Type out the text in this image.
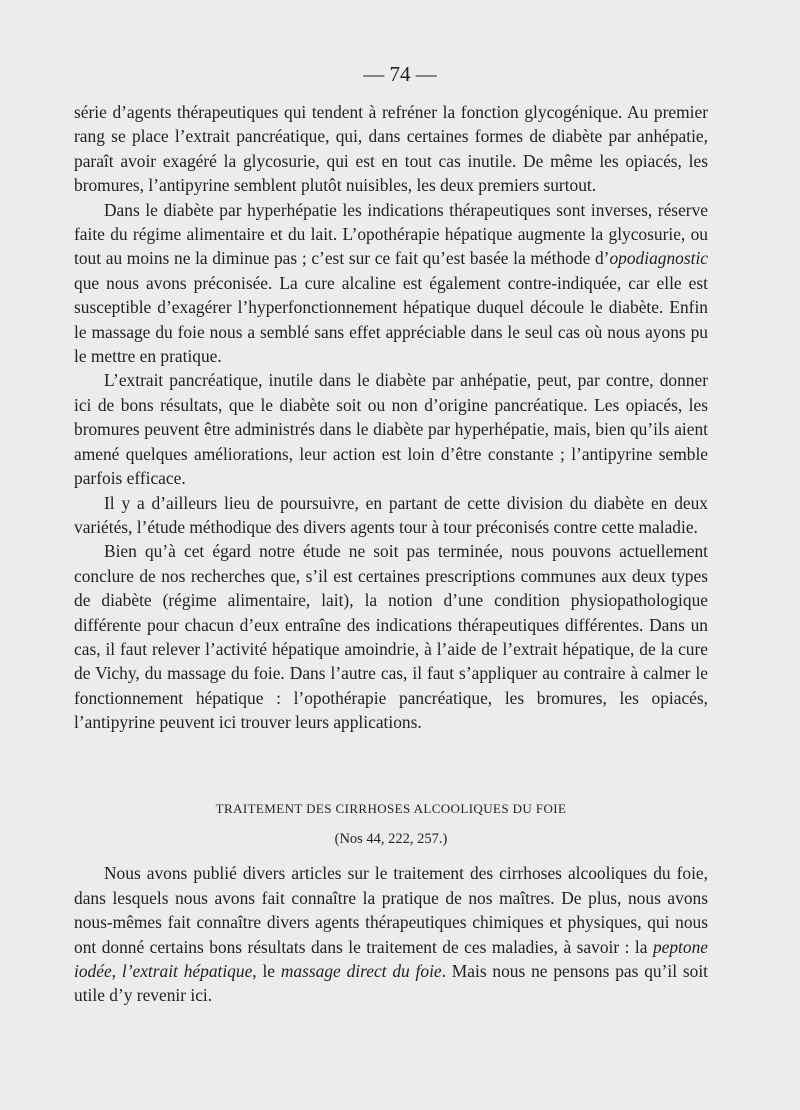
— 74 —

série d’agents thérapeutiques qui tendent à refréner la fonction glycogénique. Au premier rang se place l’extrait pancréatique, qui, dans certaines formes de diabète par anhépatie, paraît avoir exagéré la glycosurie, qui est en tout cas inutile. De même les opiacés, les bromures, l’antipyrine semblent plutôt nuisibles, les deux premiers surtout.

Dans le diabète par hyperhépatie les indications thérapeutiques sont inverses, réserve faite du régime alimentaire et du lait. L’opothérapie hépatique augmente la glycosurie, ou tout au moins ne la diminue pas ; c’est sur ce fait qu’est basée la méthode d’opodiagnostic que nous avons préconisée. La cure alcaline est également contre-indiquée, car elle est susceptible d’exagérer l’hyperfonctionnement hépatique duquel découle le diabète. Enfin le massage du foie nous a semblé sans effet appréciable dans le seul cas où nous ayons pu le mettre en pratique.

L’extrait pancréatique, inutile dans le diabète par anhépatie, peut, par contre, donner ici de bons résultats, que le diabète soit ou non d’origine pancréatique. Les opiacés, les bromures peuvent être administrés dans le diabète par hyperhépatie, mais, bien qu’ils aient amené quelques améliorations, leur action est loin d’être constante ; l’antipyrine semble parfois efficace.

Il y a d’ailleurs lieu de poursuivre, en partant de cette division du diabète en deux variétés, l’étude méthodique des divers agents tour à tour préconisés contre cette maladie.

Bien qu’à cet égard notre étude ne soit pas terminée, nous pouvons actuellement conclure de nos recherches que, s’il est certaines prescriptions communes aux deux types de diabète (régime alimentaire, lait), la notion d’une condition physiopathologique différente pour chacun d’eux entraîne des indications thérapeutiques différentes. Dans un cas, il faut relever l’activité hépatique amoindrie, à l’aide de l’extrait hépatique, de la cure de Vichy, du massage du foie. Dans l’autre cas, il faut s’appliquer au contraire à calmer le fonctionnement hépatique : l’opothérapie pancréatique, les bromures, les opiacés, l’antipyrine peuvent ici trouver leurs applications.

TRAITEMENT DES CIRRHOSES ALCOOLIQUES DU FOIE

(Nos 44, 222, 257.)

Nous avons publié divers articles sur le traitement des cirrhoses alcooliques du foie, dans lesquels nous avons fait connaître la pratique de nos maîtres. De plus, nous avons nous-mêmes fait connaître divers agents thérapeutiques chimiques et physiques, qui nous ont donné certains bons résultats dans le traitement de ces maladies, à savoir : la peptone iodée, l’extrait hépatique, le massage direct du foie. Mais nous ne pensons pas qu’il soit utile d’y revenir ici.
